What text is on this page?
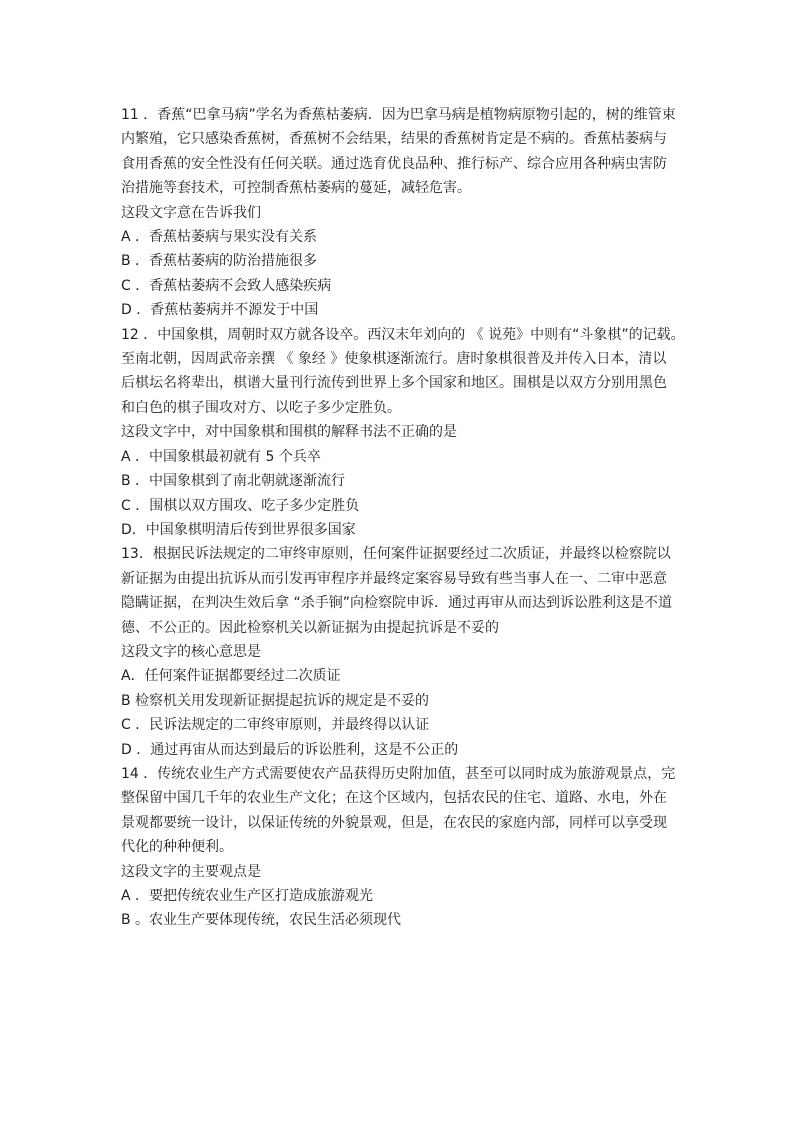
11 ．香蕉“巴拿马病”学名为香蕉枯萎病．因为巴拿马病是植物病原物引起的，树的维管束
内繁殖，它只感染香蕉树，香蕉树不会结果，结果的香蕉树肯定是不病的。香蕉枯萎病与
食用香蕉的安全性没有任何关联。通过选育优良品种、推行标产、综合应用各种病虫害防
治措施等套技术，可控制香蕉枯萎病的蔓延，减轻危害。
这段文字意在告诉我们
A ．香蕉枯萎病与果实没有关系
B ．香蕉枯萎病的防治措施很多
C ．香蕉枯萎病不会致人感染疾病
D ．香蕉枯萎病并不源发于中国
12 ．中国象棋，周朝时双方就各设卒。西汉末年刘向的 《 说苑》中则有“斗象棋”的记载。
至南北朝，因周武帝亲撰 《 象经 》使象棋逐渐流行。唐时象棋很普及并传入日本，清以
后棋坛名将辈出，棋谱大量刊行流传到世界上多个国家和地区。围棋是以双方分别用黑色
和白色的棋子围攻对方、以吃子多少定胜负。
这段文字中，对中国象棋和围棋的解释书法不正确的是
A ．中国象棋最初就有 5 个兵卒
B ．中国象棋到了南北朝就逐渐流行
C ．围棋以双方围攻、吃子多少定胜负
D．中国象棋明清后传到世界很多国家
13．根据民诉法规定的二审终审原则，任何案件证据要经过二次质证，并最终以检察院以
新证据为由提出抗诉从而引发再审程序并最终定案容易导致有些当事人在一、二审中恶意
隐瞒证据，在判决生效后拿 “杀手锏”向检察院申诉．通过再审从而达到诉讼胜利这是不道
德、不公正的。因此检察机关以新证据为由提起抗诉是不妥的
这段文字的核心意思是
A．任何案件证据都要经过二次质证
B 检察机关用发现新证据提起抗诉的规定是不妥的
C ．民诉法规定的二审终审原则，并最终得以认证
D ．通过再宙从而达到最后的诉讼胜利，这是不公正的
14 ．传统农业生产方式需要使农产品获得历史附加值，甚至可以同时成为旅游观景点，完
整保留中国几千年的农业生产文化；在这个区域内，包括农民的住宅、道路、水电，外在
景观都要统一设计，以保证传统的外貌景观，但是，在农民的家庭内部，同样可以享受现
代化的种种便利。
这段文字的主要观点是
A ．要把传统农业生产区打造成旅游观光
B 。农业生产要体现传统，农民生活必须现代
